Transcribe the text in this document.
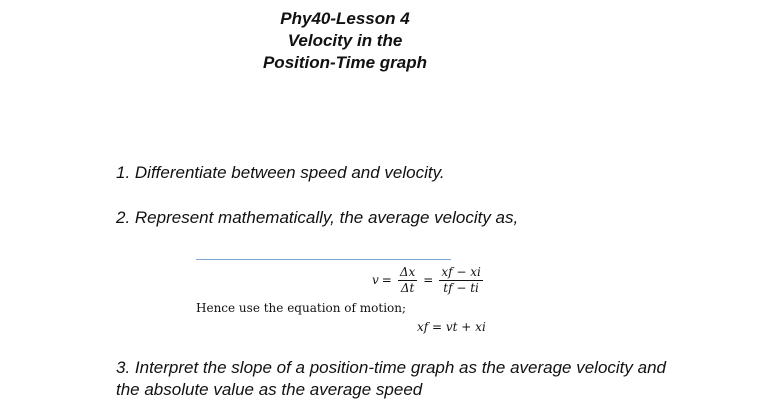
Phy40-Lesson 4
Velocity in the
Position-Time graph
1. Differentiate between speed and velocity.
2. Represent mathematically, the average velocity as,
$v = \frac{\Delta x}{\Delta t} = \frac{xf - xi}{tf - ti}$
Hence use the equation of motion;
xf = vt + xi
3. Interpret the slope of a position-time graph as the average velocity and
the absolute value as the average speed
